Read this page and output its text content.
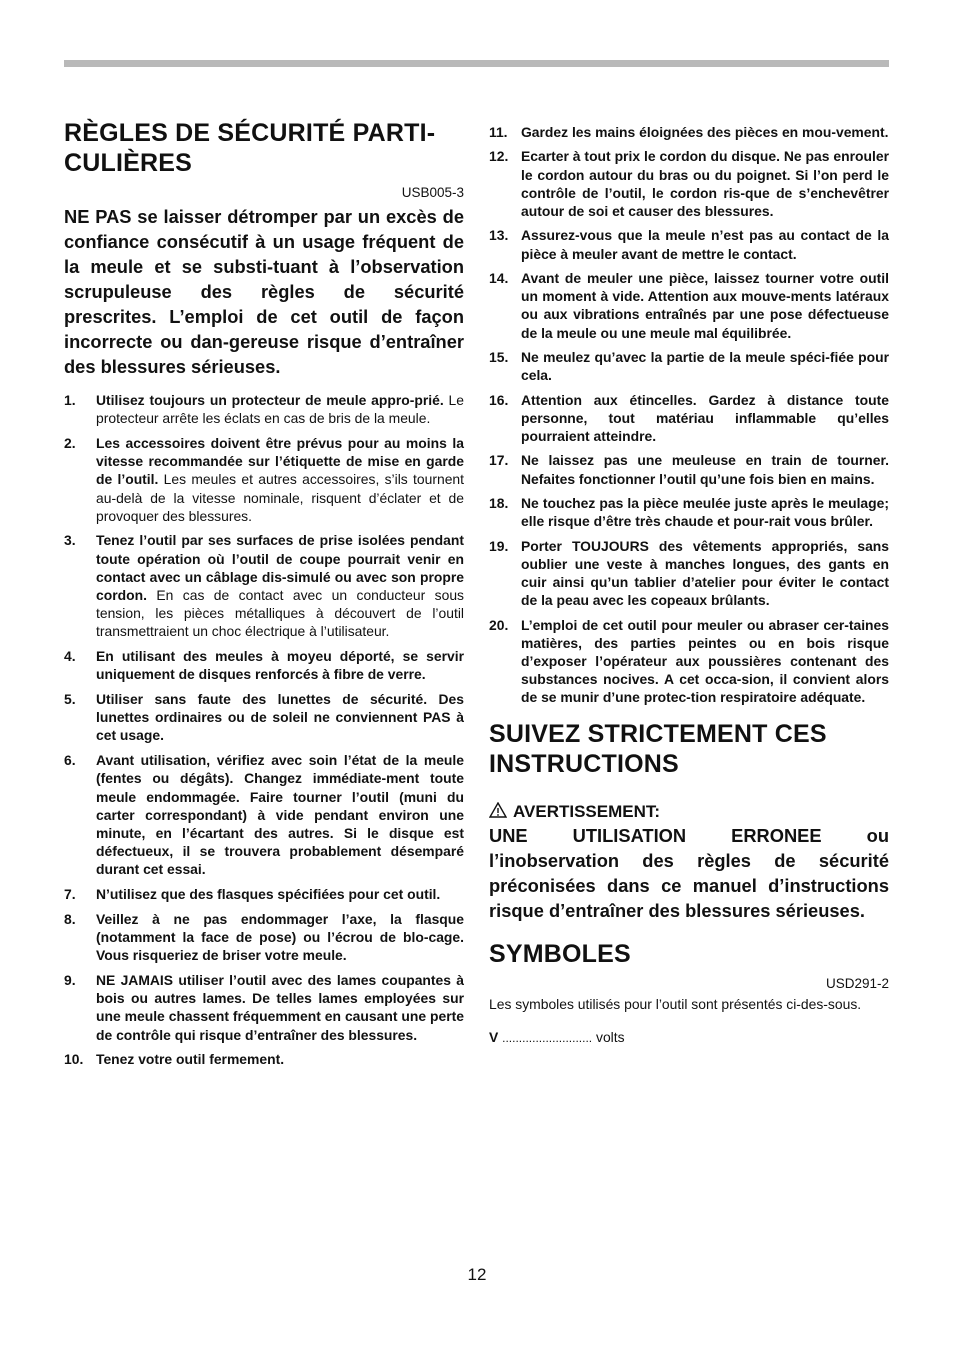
RÈGLES DE SÉCURITÉ PARTI-
CULIÈRES
USB005-3

NE PAS se laisser détromper par un excès de confiance consécutif à un usage fréquent de la meule et se substi-tuant à l’observation scrupuleuse des règles de sécurité prescrites. L’emploi de cet outil de façon incorrecte ou dan-gereuse risque d’entraîner des blessures sérieuses.

1. Utilisez toujours un protecteur de meule appro-prié. Le protecteur arrête les éclats en cas de bris de la meule.
2. Les accessoires doivent être prévus pour au moins la vitesse recommandée sur l’étiquette de mise en garde de l’outil. Les meules et autres accessoires, s’ils tournent au-delà de la vitesse nominale, risquent d’éclater et de provoquer des blessures.
3. Tenez l’outil par ses surfaces de prise isolées pendant toute opération où l’outil de coupe pourrait venir en contact avec un câblage dis-simulé ou avec son propre cordon. En cas de contact avec un conducteur sous tension, les pièces métalliques à découvert de l’outil transmettraient un choc électrique à l’utilisateur.
4. En utilisant des meules à moyeu déporté, se servir uniquement de disques renforcés à fibre de verre.
5. Utiliser sans faute des lunettes de sécurité. Des lunettes ordinaires ou de soleil ne conviennent PAS à cet usage.
6. Avant utilisation, vérifiez avec soin l’état de la meule (fentes ou dégâts). Changez immédiate-ment toute meule endommagée. Faire tourner l’outil (muni du carter correspondant) à vide pendant environ une minute, en l’écartant des autres. Si le disque est défectueux, il se trouvera probablement désemparé durant cet essai.
7. N’utilisez que des flasques spécifiées pour cet outil.
8. Veillez à ne pas endommager l’axe, la flasque (notamment la face de pose) ou l’écrou de blo-cage. Vous risqueriez de briser votre meule.
9. NE JAMAIS utiliser l’outil avec des lames coupantes à bois ou autres lames. De telles lames employées sur une meule chassent fréquemment en causant une perte de contrôle qui risque d’entraîner des blessures.
10. Tenez votre outil fermement.
11. Gardez les mains éloignées des pièces en mou-vement.
12. Ecarter à tout prix le cordon du disque. Ne pas enrouler le cordon autour du bras ou du poignet. Si l’on perd le contrôle de l’outil, le cordon ris-que de s’enchevêtrer autour de soi et causer des blessures.
13. Assurez-vous que la meule n’est pas au contact de la pièce à meuler avant de mettre le contact.
14. Avant de meuler une pièce, laissez tourner votre outil un moment à vide. Attention aux mouve-ments latéraux ou aux vibrations entraînés par une pose défectueuse de la meule ou une meule mal équilibrée.
15. Ne meulez qu’avec la partie de la meule spéci-fiée pour cela.
16. Attention aux étincelles. Gardez à distance toute personne, tout matériau inflammable qu’elles pourraient atteindre.
17. Ne laissez pas une meuleuse en train de tourner. Nefaites fonctionner l’outil qu’une fois bien en mains.
18. Ne touchez pas la pièce meulée juste après le meulage; elle risque d’être très chaude et pour-rait vous brûler.
19. Porter TOUJOURS des vêtements appropriés, sans oublier une veste à manches longues, des gants en cuir ainsi qu’un tablier d’atelier pour éviter le contact de la peau avec les copeaux brûlants.
20. L’emploi de cet outil pour meuler ou abraser cer-taines matières, des parties peintes ou en bois risque d’exposer l’opérateur aux poussières contenant des substances nocives. A cet occa-sion, il convient alors de se munir d’une protec-tion respiratoire adéquate.
SUIVEZ STRICTEMENT CES
INSTRUCTIONS
AVERTISSEMENT:
UNE UTILISATION ERRONEE ou l’inobservation des règles de sécurité préconisées dans ce manuel d’instructions risque d’entraîner des blessures sérieuses.
SYMBOLES
USD291-2
Les symboles utilisés pour l’outil sont présentés ci-des-sous.
V ........................... volts
12
